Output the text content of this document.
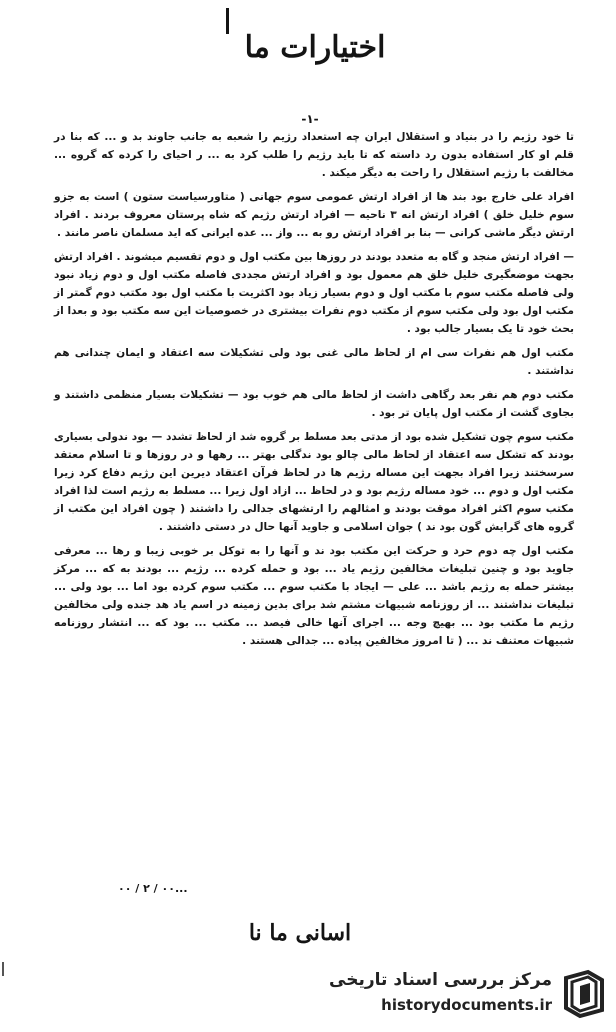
اختیارات ما
-۱-

تا خود رژیم را در بنیاد و استقلال ایران چه استعداد رژیم را شعبه به جانب جاوند بد و ... که بنا در قلم او کار استفاده بدون رد داسته که تا باید رژیم را طلب کرد به ... ر احیای را کرده که گروه ... مخالفت با رژیم استقلال را راحت به دیگر میکند .

افراد علی خارج بود بند ها از افراد ارتش عمومی سوم جهانی ( متاورسیاست ستون ) است به جزو سوم خلیل خلق ) افراد ارتش انه ۳ ناحیه — افراد ارتش رژیم که شاه پرستان معروف بردند . افراد ارتش دیگر ماشی کرانی — بنا بر افراد ارتش رو به ... واز ... عده ایرانی که اید مسلمان ناصر مانند .

— افراد ارتش منجد و گاه به متعدد بودند در روزها بین مکتب اول و دوم تقسیم میشوند . افراد ارتش بجهت موضعگیری خلیل خلق هم معمول بود و افراد ارتش مجددی فاصله مکتب اول و دوم زیاد نبود ولی فاصله مکتب سوم با مکتب اول و دوم بسیار زیاد بود اکثریت با مکتب اول بود مکتب دوم گمتر از مکتب اول بود ولی مکتب سوم از مکتب دوم نفرات بیشتری در خصوصیات این سه مکتب بود و بعدا از بحث خود تا یک بسیار جالب بود .

مکتب اول هم نفرات سی ام از لحاظ مالی غنی بود ولی تشکیلات سه اعتقاد و ایمان چندانی هم نداشتند .

مکتب دوم هم نفر بعد رگاهی داشت از لحاظ مالی هم خوب بود — تشکیلات بسیار منظمی داشتند و بجاوی گشت از مکتب اول پایان تر بود .

مکتب سوم چون تشکیل شده بود از مدتی بعد مسلط بر گروه شد از لحاظ تشدد — بود ندولی بسیاری بودند که تشکل سه اعتقاد از لحاظ مالی چالو بود ندگلی بهتر ... رهها و در روزها و تا اسلام معتقد سرسختند زیرا افراد بجهت این مساله رژیم ها در لحاظ فرآن اعتقاد دیرین این رژیم دفاع کرد زیرا مکتب اول و دوم ... خود مساله رژیم بود و در لحاظ ... ازاد اول زیرا ... مسلط به رژیم است لذا افراد مکتب سوم اکثر افراد موقت بودند و امثالهم را ارتشهای جدالی را داشتند ( چون افراد این مکتب از گروه های گرایش گون بود ند ) جوان اسلامی و جاوید آنها حال در دستی داشتند .

مکتب اول چه دوم حرد و حرکت این مکتب بود ند و آنها را به توکل بر خوبی زیبا و رها ... معرفی جاوید بود و چنین تبلیغات مخالفین رژیم یاد ... بود و حمله کرده ... رژیم ... بودند به که ... مرکز بیشتر حمله به رژیم باشد ... علی — ایجاد با مکتب سوم ... مکتب سوم کرده بود اما ... بود ولی ... تبلیغات نداشتند ... از روزنامه شبیهات مشتم شد برای بدین زمینه در اسم یاد هد جنده ولی مخالفین رژیم ما مکتب بود ... بهیچ وجه ... اجرای آنها خالی فیصد ... مکتب ... بود که ... انتشار روزنامه شبیهات معتنف ند ... ( تا امروز مخالفین پیاده ... جدالی هستند .

...۰۰ / ۲ / ۰۰
اسانی ما نا
مرکز بررسی اسناد تاریخی
historydocuments.ir
